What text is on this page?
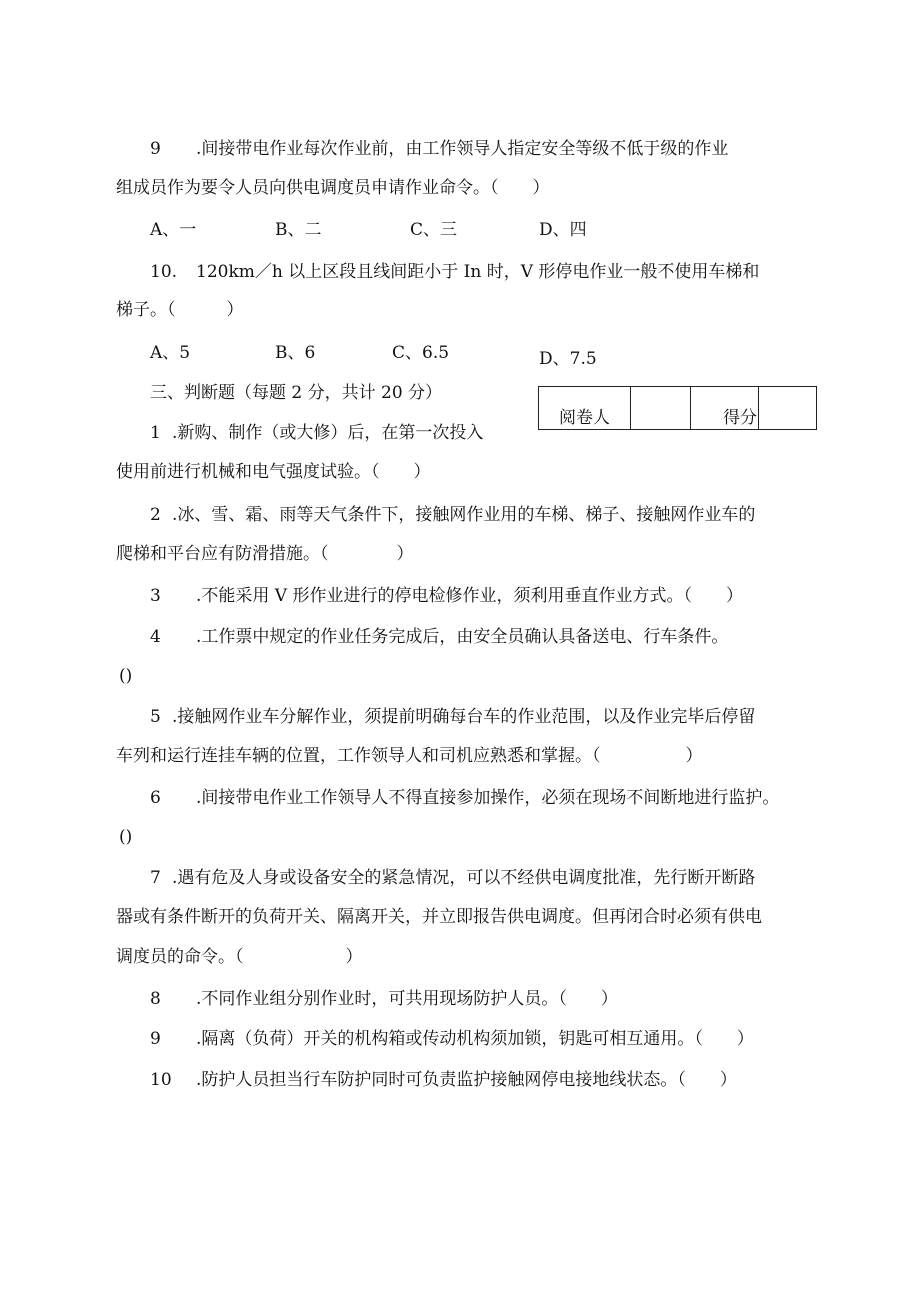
9 .间接带电作业每次作业前，由工作领导人指定安全等级不低于级的作业
组成员作为要令人员向供电调度员申请作业命令。（　　）
A、一	B、二	C、三	D、四
10. 120km／h 以上区段且线间距小于 In 时，V 形停电作业一般不使用车梯和
梯子。（　　　）
A、5	B、6	C、6.5	D、7.5
三、判断题（每题 2 分，共计 20 分）
阅卷人		得分	
1 .新购、制作（或大修）后，在第一次投入
使用前进行机械和电气强度试验。（　　）
2 .冰、雪、霜、雨等天气条件下，接触网作业用的车梯、梯子、接触网作业车的
爬梯和平台应有防滑措施。（　　　　）
3 .不能采用 V 形作业进行的停电检修作业，须利用垂直作业方式。（　　）
4 .工作票中规定的作业任务完成后，由安全员确认具备送电、行车条件。
()
5 .接触网作业车分解作业，须提前明确每台车的作业范围，以及作业完毕后停留
车列和运行连挂车辆的位置，工作领导人和司机应熟悉和掌握。（　　　　　）
6 .间接带电作业工作领导人不得直接参加操作，必须在现场不间断地进行监护。
()
7 .遇有危及人身或设备安全的紧急情况，可以不经供电调度批准，先行断开断路
器或有条件断开的负荷开关、隔离开关，并立即报告供电调度。但再闭合时必须有供电
调度员的命令。（　　　　　　）
8 .不同作业组分别作业时，可共用现场防护人员。（　　）
9 .隔离（负荷）开关的机构箱或传动机构须加锁，钥匙可相互通用。（　　）
10 .防护人员担当行车防护同时可负责监护接触网停电接地线状态。（　　）
